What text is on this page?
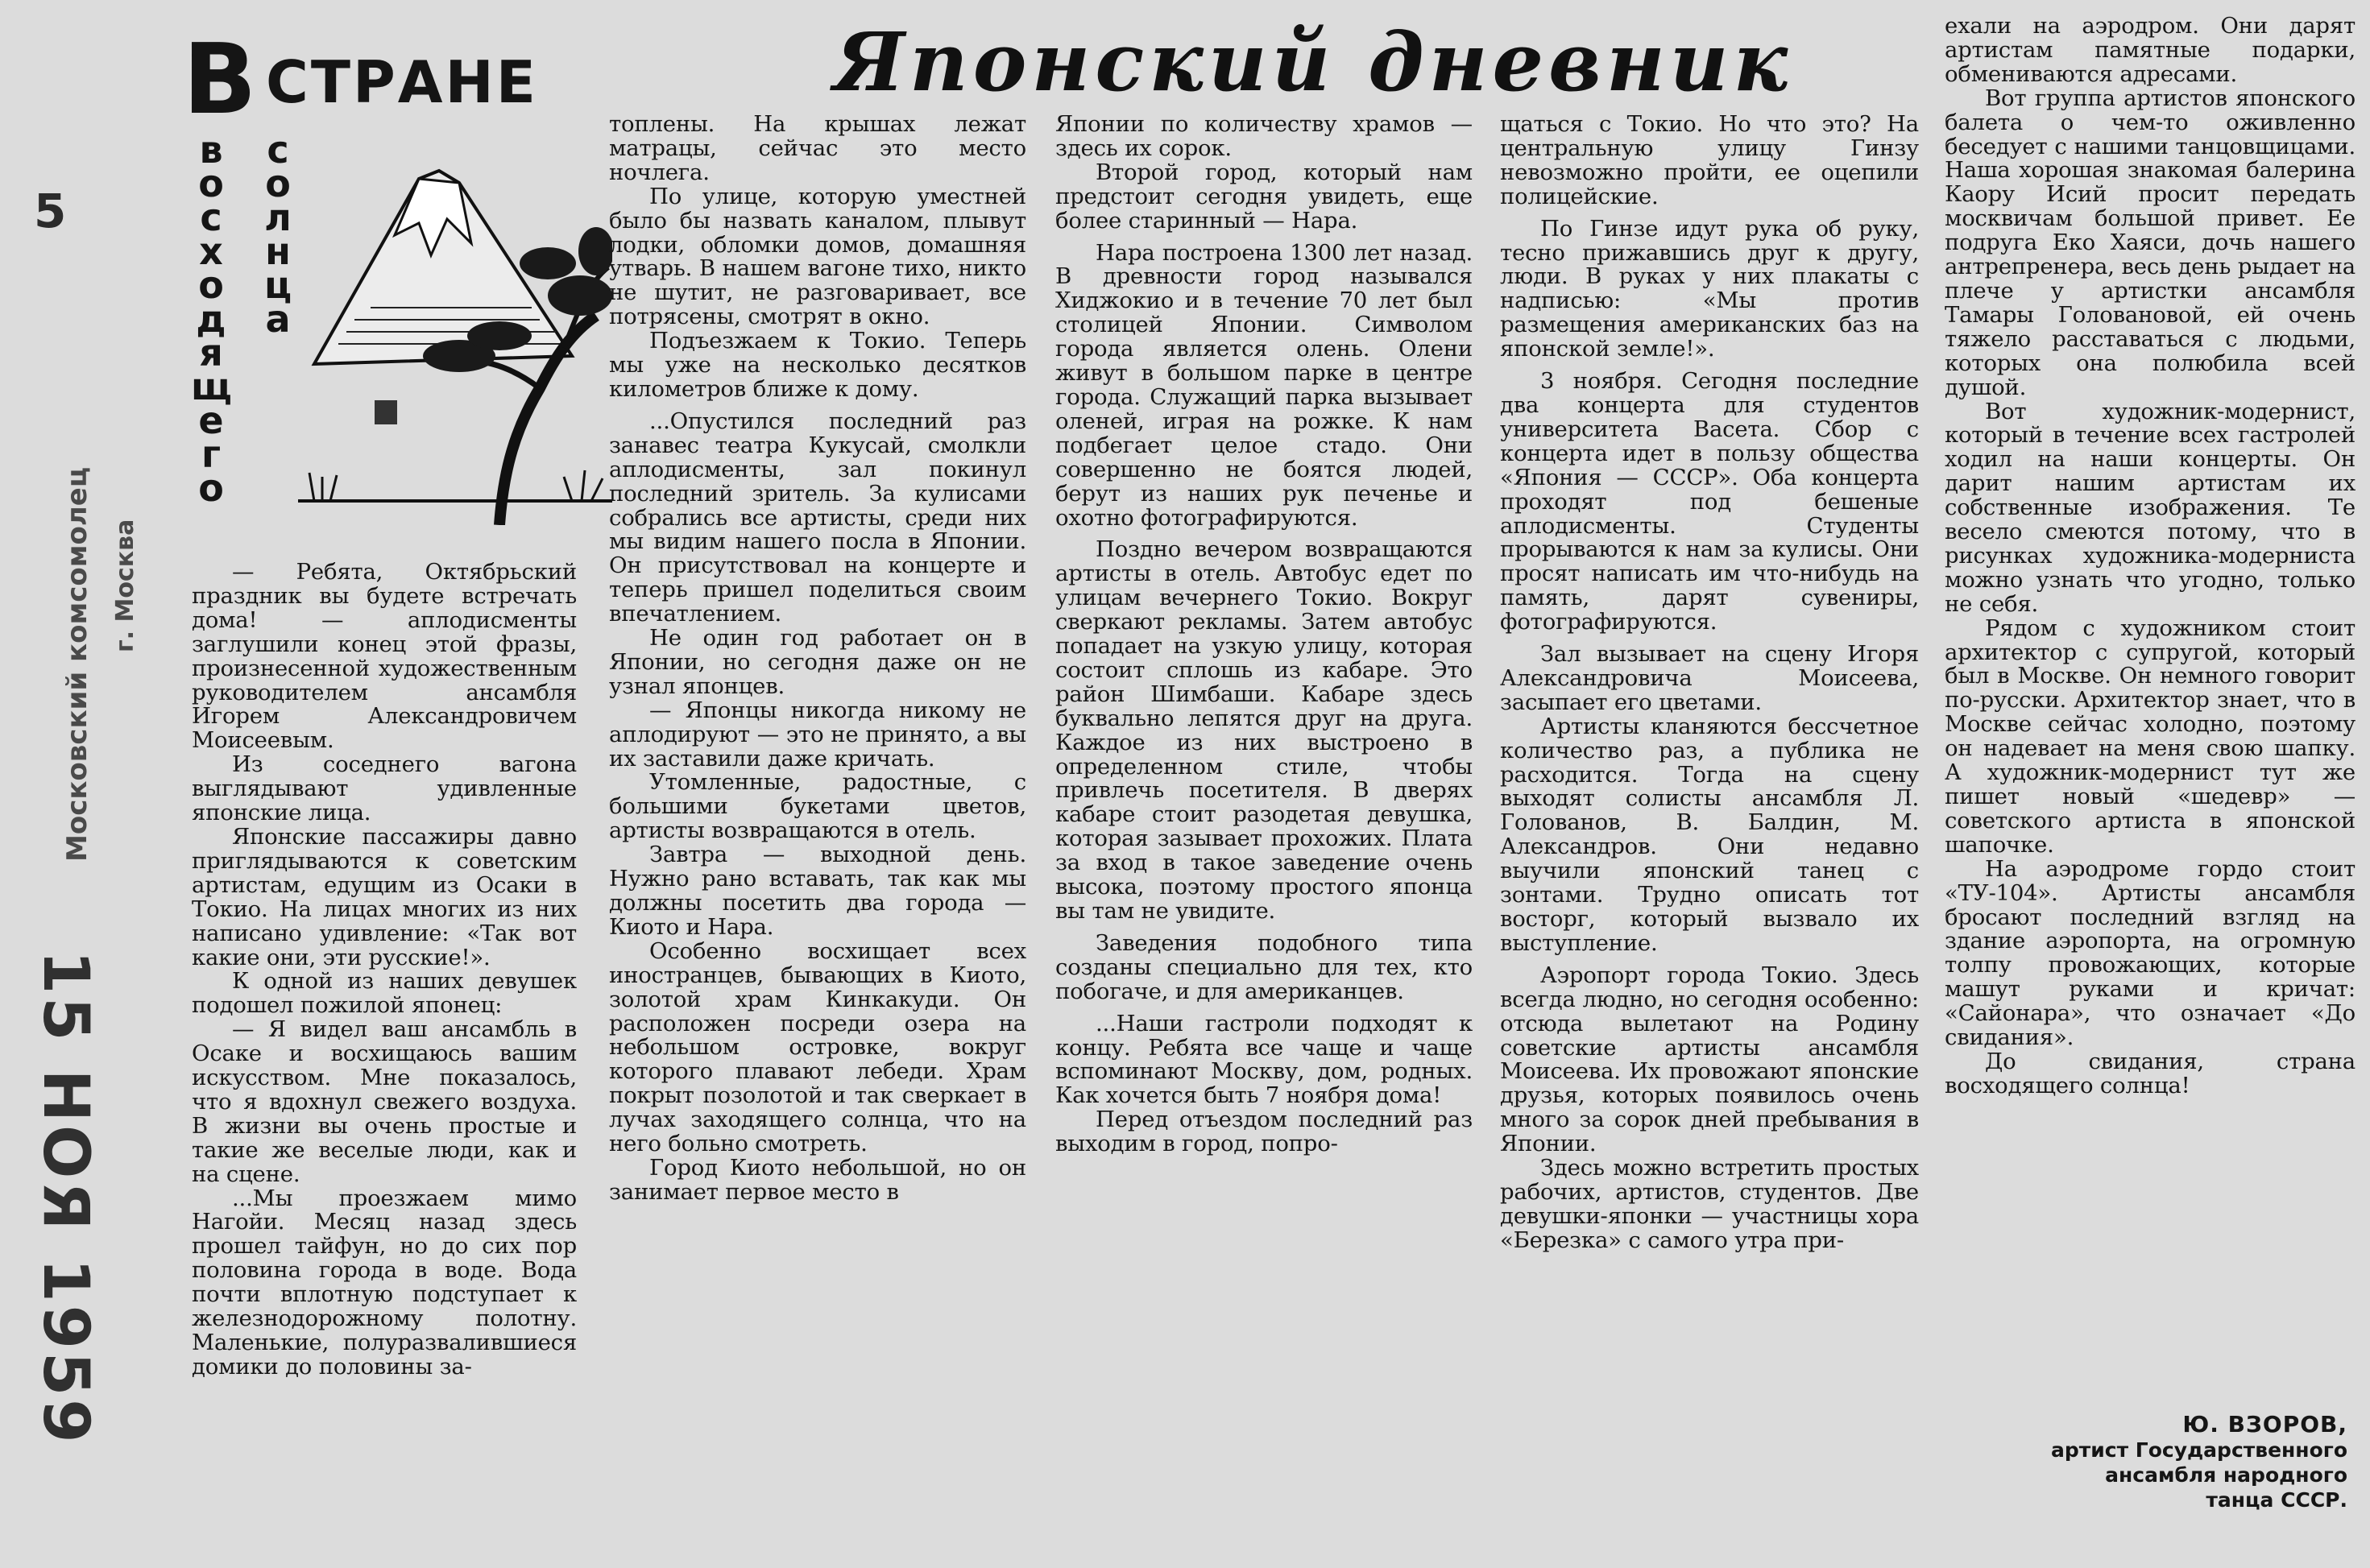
5
Московский комсомолец г. Москва
15 НОЯ 1959
В СТРАНЕ
в
о
с
х
о
д
я
щ
е
г
о
с
о
л
н
ц
а
Японский дневник

— Ребята, Октябрьский праздник вы будете встречать дома! — аплодисменты заглушили конец этой фразы, произнесенной художественным руководителем ансамбля Игорем Александровичем Моисеевым.

Из соседнего вагона выглядывают удивленные японские лица.

Японские пассажиры давно приглядываются к советским артистам, едущим из Осаки в Токио. На лицах многих из них написано удивление: «Так вот какие они, эти русские!».

К одной из наших девушек подошел пожилой японец:

— Я видел ваш ансамбль в Осаке и восхищаюсь вашим искусством. Мне показалось, что я вдохнул свежего воздуха. В жизни вы очень простые и такие же веселые люди, как и на сцене.

...Мы проезжаем мимо Нагойи. Месяц назад здесь прошел тайфун, но до сих пор половина города в воде. Вода почти вплотную подступает к железнодорожному полотну. Маленькие, полуразвалившиеся домики до половины за-

топлены. На крышах лежат матрацы, сейчас это место ночлега.

По улице, которую уместней было бы назвать каналом, плывут лодки, обломки домов, домашняя утварь. В нашем вагоне тихо, никто не шутит, не разговаривает, все потрясены, смотрят в окно.

Подъезжаем к Токио. Теперь мы уже на несколько десятков километров ближе к дому.

...Опустился последний раз занавес театра Кукусай, смолкли аплодисменты, зал покинул последний зритель. За кулисами собрались все артисты, среди них мы видим нашего посла в Японии. Он присутствовал на концерте и теперь пришел поделиться своим впечатлением.

Не один год работает он в Японии, но сегодня даже он не узнал японцев.

— Японцы никогда никому не аплодируют — это не принято, а вы их заставили даже кричать.

Утомленные, радостные, с большими букетами цветов, артисты возвращаются в отель.

Завтра — выходной день. Нужно рано вставать, так как мы должны посетить два города — Киото и Нара.

Особенно восхищает всех иностранцев, бывающих в Киото, золотой храм Кинкакуди. Он расположен посреди озера на небольшом островке, вокруг которого плавают лебеди. Храм покрыт позолотой и так сверкает в лучах заходящего солнца, что на него больно смотреть.

Город Киото небольшой, но он занимает первое место в

Японии по количеству храмов — здесь их сорок.

Второй город, который нам предстоит сегодня увидеть, еще более старинный — Нара.

Нара построена 1300 лет назад. В древности город назывался Хиджокио и в течение 70 лет был столицей Японии. Символом города является олень. Олени живут в большом парке в центре города. Служащий парка вызывает оленей, играя на рожке. К нам подбегает целое стадо. Они совершенно не боятся людей, берут из наших рук печенье и охотно фотографируются.

Поздно вечером возвращаются артисты в отель. Автобус едет по улицам вечернего Токио. Вокруг сверкают рекламы. Затем автобус попадает на узкую улицу, которая состоит сплошь из кабаре. Это район Шимбаши. Кабаре здесь буквально лепятся друг на друга. Каждое из них выстроено в определенном стиле, чтобы привлечь посетителя. В дверях кабаре стоит разодетая девушка, которая зазывает прохожих. Плата за вход в такое заведение очень высока, поэтому простого японца вы там не увидите.

Заведения подобного типа созданы специально для тех, кто побогаче, и для американцев.

...Наши гастроли подходят к концу. Ребята все чаще и чаще вспоминают Москву, дом, родных. Как хочется быть 7 ноября дома!

Перед отъездом последний раз выходим в город, попро-

щаться с Токио. Но что это? На центральную улицу Гинзу невозможно пройти, ее оцепили полицейские.

По Гинзе идут рука об руку, тесно прижавшись друг к другу, люди. В руках у них плакаты с надписью: «Мы против размещения американских баз на японской земле!».

3 ноября. Сегодня последние два концерта для студентов университета Васета. Сбор с концерта идет в пользу общества «Япония — СССР». Оба концерта проходят под бешеные аплодисменты. Студенты прорываются к нам за кулисы. Они просят написать им что-нибудь на память, дарят сувениры, фотографируются.

Зал вызывает на сцену Игоря Александровича Моисеева, засыпает его цветами.

Артисты кланяются бессчетное количество раз, а публика не расходится. Тогда на сцену выходят солисты ансамбля Л. Голованов, В. Балдин, М. Александров. Они недавно выучили японский танец с зонтами. Трудно описать тот восторг, который вызвало их выступление.

Аэропорт города Токио. Здесь всегда людно, но сегодня особенно: отсюда вылетают на Родину советские артисты ансамбля Моисеева. Их провожают японские друзья, которых появилось очень много за сорок дней пребывания в Японии.

Здесь можно встретить простых рабочих, артистов, студентов. Две девушки-японки — участницы хора «Березка» с самого утра при-

ехали на аэродром. Они дарят артистам памятные подарки, обмениваются адресами.

Вот группа артистов японского балета о чем-то оживленно беседует с нашими танцовщицами. Наша хорошая знакомая балерина Каору Исий просит передать москвичам большой привет. Ее подруга Еко Хаяси, дочь нашего антрепренера, весь день рыдает на плече у артистки ансамбля Тамары Головановой, ей очень тяжело расставаться с людьми, которых она полюбила всей душой.

Вот художник-модернист, который в течение всех гастролей ходил на наши концерты. Он дарит нашим артистам их собственные изображения. Те весело смеются потому, что в рисунках художника-модерниста можно узнать что угодно, только не себя.

Рядом с художником стоит архитектор с супругой, который был в Москве. Он немного говорит по-русски. Архитектор знает, что в Москве сейчас холодно, поэтому он надевает на меня свою шапку. А художник-модернист тут же пишет новый «шедевр» — советского артиста в японской шапочке.

На аэродроме гордо стоит «ТУ-104». Артисты ансамбля бросают последний взгляд на здание аэропорта, на огромную толпу провожающих, которые машут руками и кричат: «Сайонара», что означает «До свидания».

До свидания, страна восходящего солнца!

Ю. ВЗОРОВ,
артист Государственного
ансамбля народного
танца СССР.
